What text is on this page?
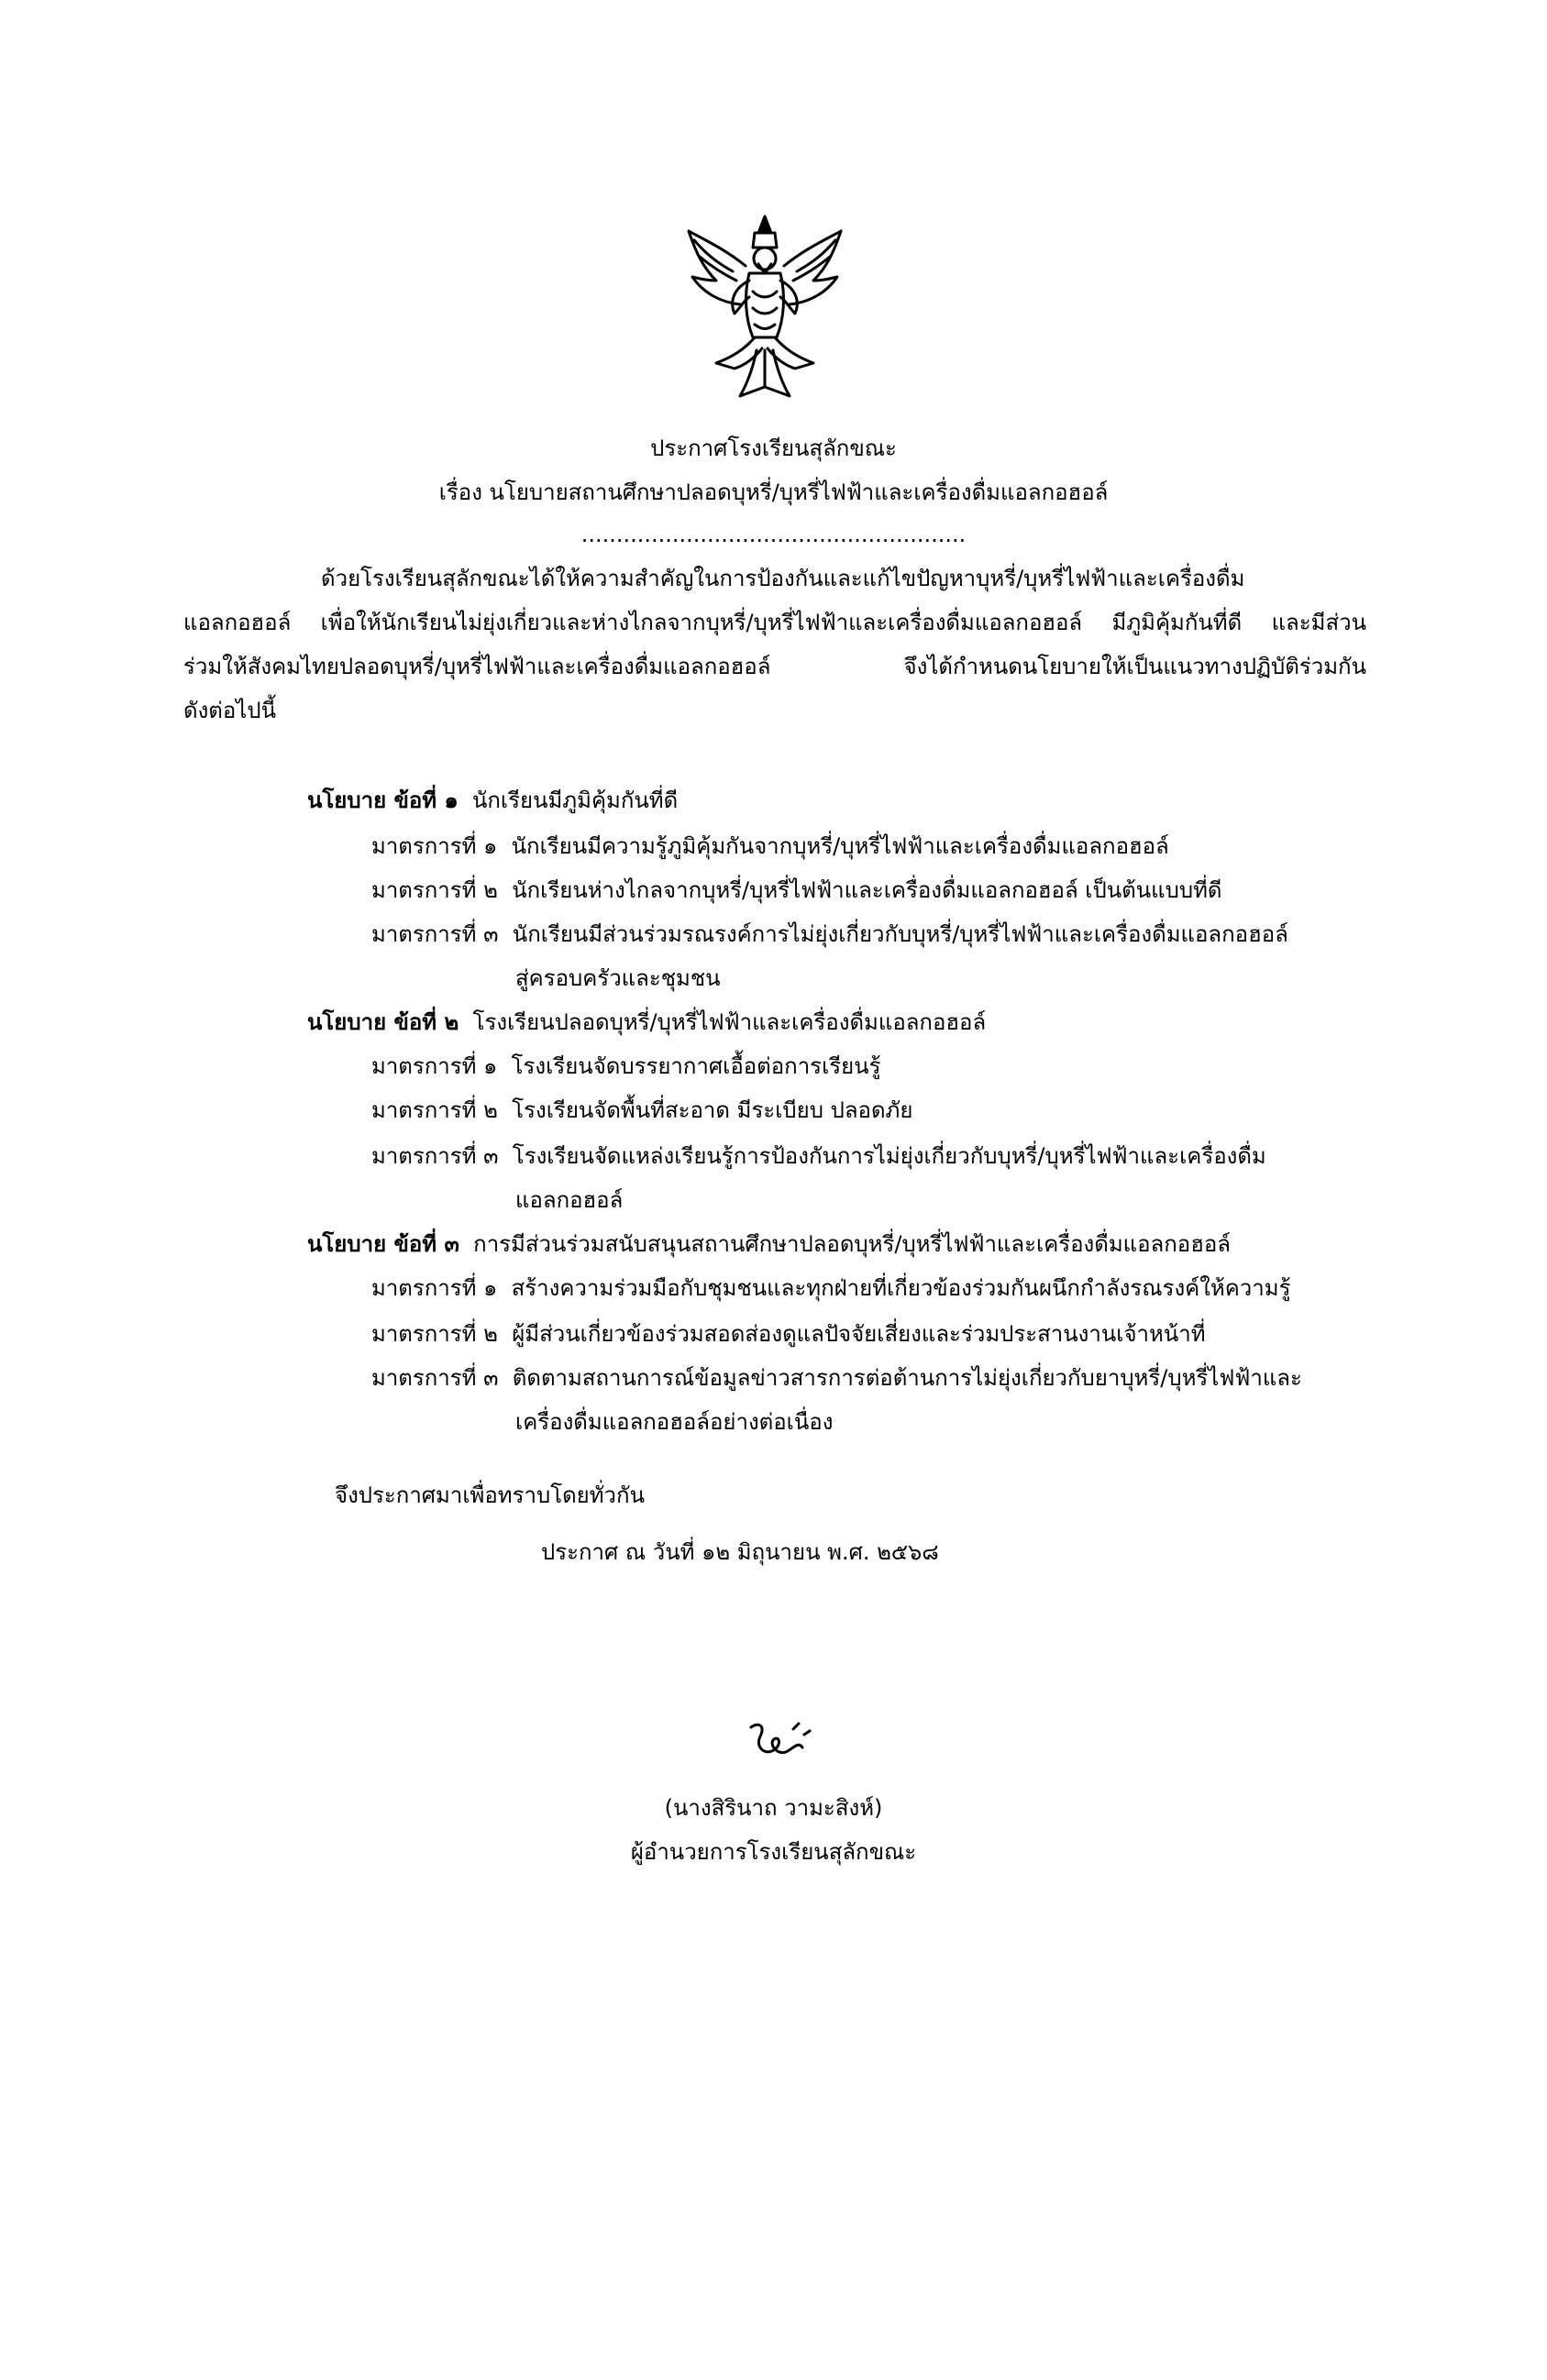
ประกาศโรงเรียนสุลักขณะ
เรื่อง นโยบายสถานศึกษาปลอดบุหรี่/บุหรี่ไฟฟ้าและเครื่องดื่มแอลกอฮอล์
.......................................................
ด้วยโรงเรียนสุลักขณะได้ให้ความสำคัญในการป้องกันและแก้ไขปัญหาบุหรี่/บุหรี่ไฟฟ้าและเครื่องดื่ม
แอลกอฮอล์ เพื่อให้นักเรียนไม่ยุ่งเกี่ยวและห่างไกลจากบุหรี่/บุหรี่ไฟฟ้าและเครื่องดื่มแอลกอฮอล์ มีภูมิคุ้มกันที่ดี และมีส่วน
ร่วมให้สังคมไทยปลอดบุหรี่/บุหรี่ไฟฟ้าและเครื่องดื่มแอลกอฮอล์ จึงได้กำหนดนโยบายให้เป็นแนวทางปฏิบัติร่วมกัน
ดังต่อไปนี้
นโยบาย ข้อที่ ๑ นักเรียนมีภูมิคุ้มกันที่ดี
มาตรการที่ ๑ นักเรียนมีความรู้ภูมิคุ้มกันจากบุหรี่/บุหรี่ไฟฟ้าและเครื่องดื่มแอลกอฮอล์
มาตรการที่ ๒ นักเรียนห่างไกลจากบุหรี่/บุหรี่ไฟฟ้าและเครื่องดื่มแอลกอฮอล์ เป็นต้นแบบที่ดี
มาตรการที่ ๓ นักเรียนมีส่วนร่วมรณรงค์การไม่ยุ่งเกี่ยวกับบุหรี่/บุหรี่ไฟฟ้าและเครื่องดื่มแอลกอฮอล์
สู่ครอบครัวและชุมชน
นโยบาย ข้อที่ ๒ โรงเรียนปลอดบุหรี่/บุหรี่ไฟฟ้าและเครื่องดื่มแอลกอฮอล์
มาตรการที่ ๑ โรงเรียนจัดบรรยากาศเอื้อต่อการเรียนรู้
มาตรการที่ ๒ โรงเรียนจัดพื้นที่สะอาด มีระเบียบ ปลอดภัย
มาตรการที่ ๓ โรงเรียนจัดแหล่งเรียนรู้การป้องกันการไม่ยุ่งเกี่ยวกับบุหรี่/บุหรี่ไฟฟ้าและเครื่องดื่ม
แอลกอฮอล์
นโยบาย ข้อที่ ๓ การมีส่วนร่วมสนับสนุนสถานศึกษาปลอดบุหรี่/บุหรี่ไฟฟ้าและเครื่องดื่มแอลกอฮอล์
มาตรการที่ ๑ สร้างความร่วมมือกับชุมชนและทุกฝ่ายที่เกี่ยวข้องร่วมกันผนึกกำลังรณรงค์ให้ความรู้
มาตรการที่ ๒ ผู้มีส่วนเกี่ยวข้องร่วมสอดส่องดูแลปัจจัยเสี่ยงและร่วมประสานงานเจ้าหน้าที่
มาตรการที่ ๓ ติดตามสถานการณ์ข้อมูลข่าวสารการต่อต้านการไม่ยุ่งเกี่ยวกับยาบุหรี่/บุหรี่ไฟฟ้าและ
เครื่องดื่มแอลกอฮอล์อย่างต่อเนื่อง
จึงประกาศมาเพื่อทราบโดยทั่วกัน
ประกาศ ณ วันที่ ๑๒ มิถุนายน พ.ศ. ๒๕๖๘
(นางสิรินาถ วามะสิงห์)
ผู้อำนวยการโรงเรียนสุลักขณะ
